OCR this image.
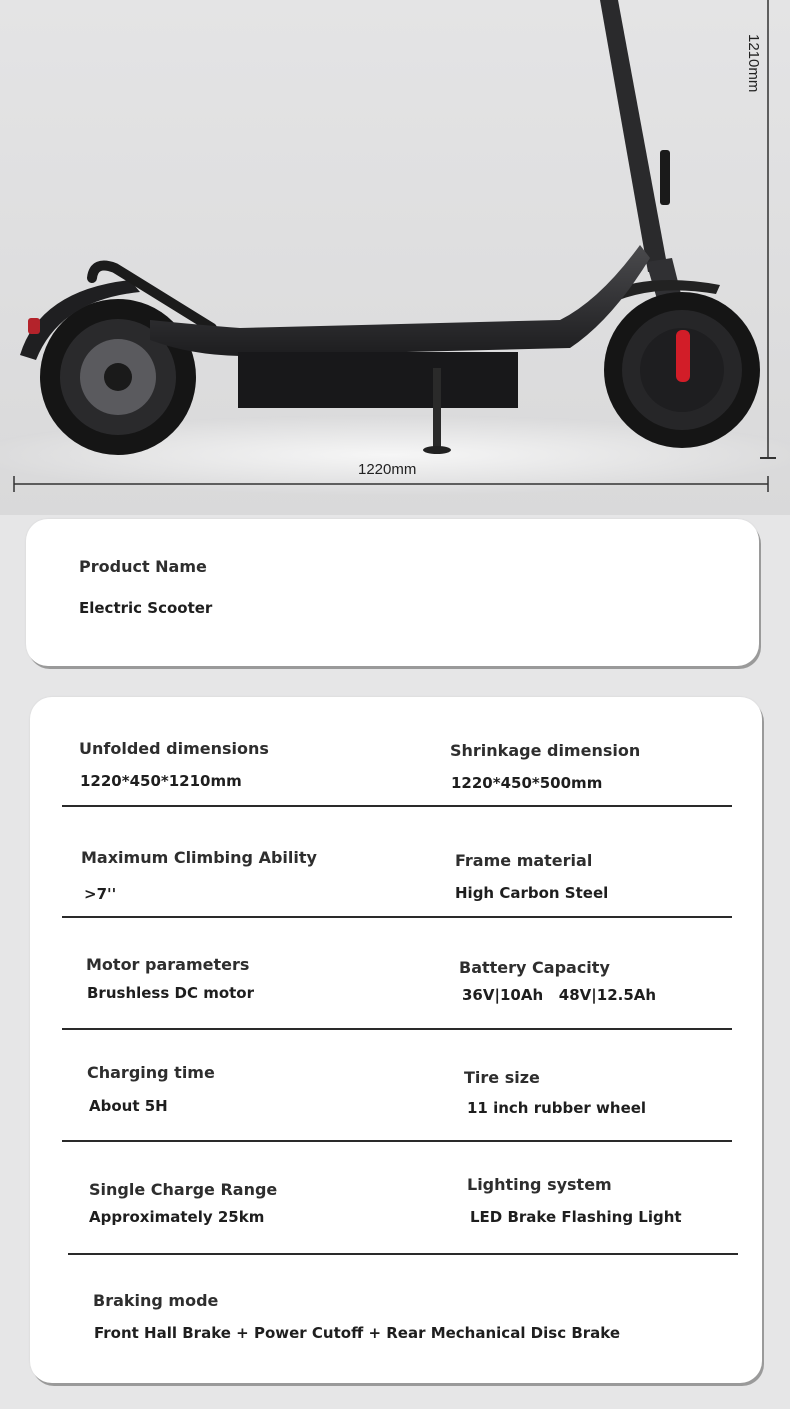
1220mm
1210mm
Product Name
Electric Scooter
Unfolded dimensions
1220*450*1210mm
Shrinkage dimension
1220*450*500mm
Maximum Climbing Ability
>7''
Frame material
High Carbon Steel
Motor parameters
Brushless DC motor
Battery Capacity
36V|10Ah   48V|12.5Ah
Charging time
About 5H
Tire size
11 inch rubber wheel
Single Charge Range
Approximately 25km
Lighting system
LED Brake Flashing Light
Braking mode
Front Hall Brake + Power Cutoff + Rear Mechanical Disc Brake
